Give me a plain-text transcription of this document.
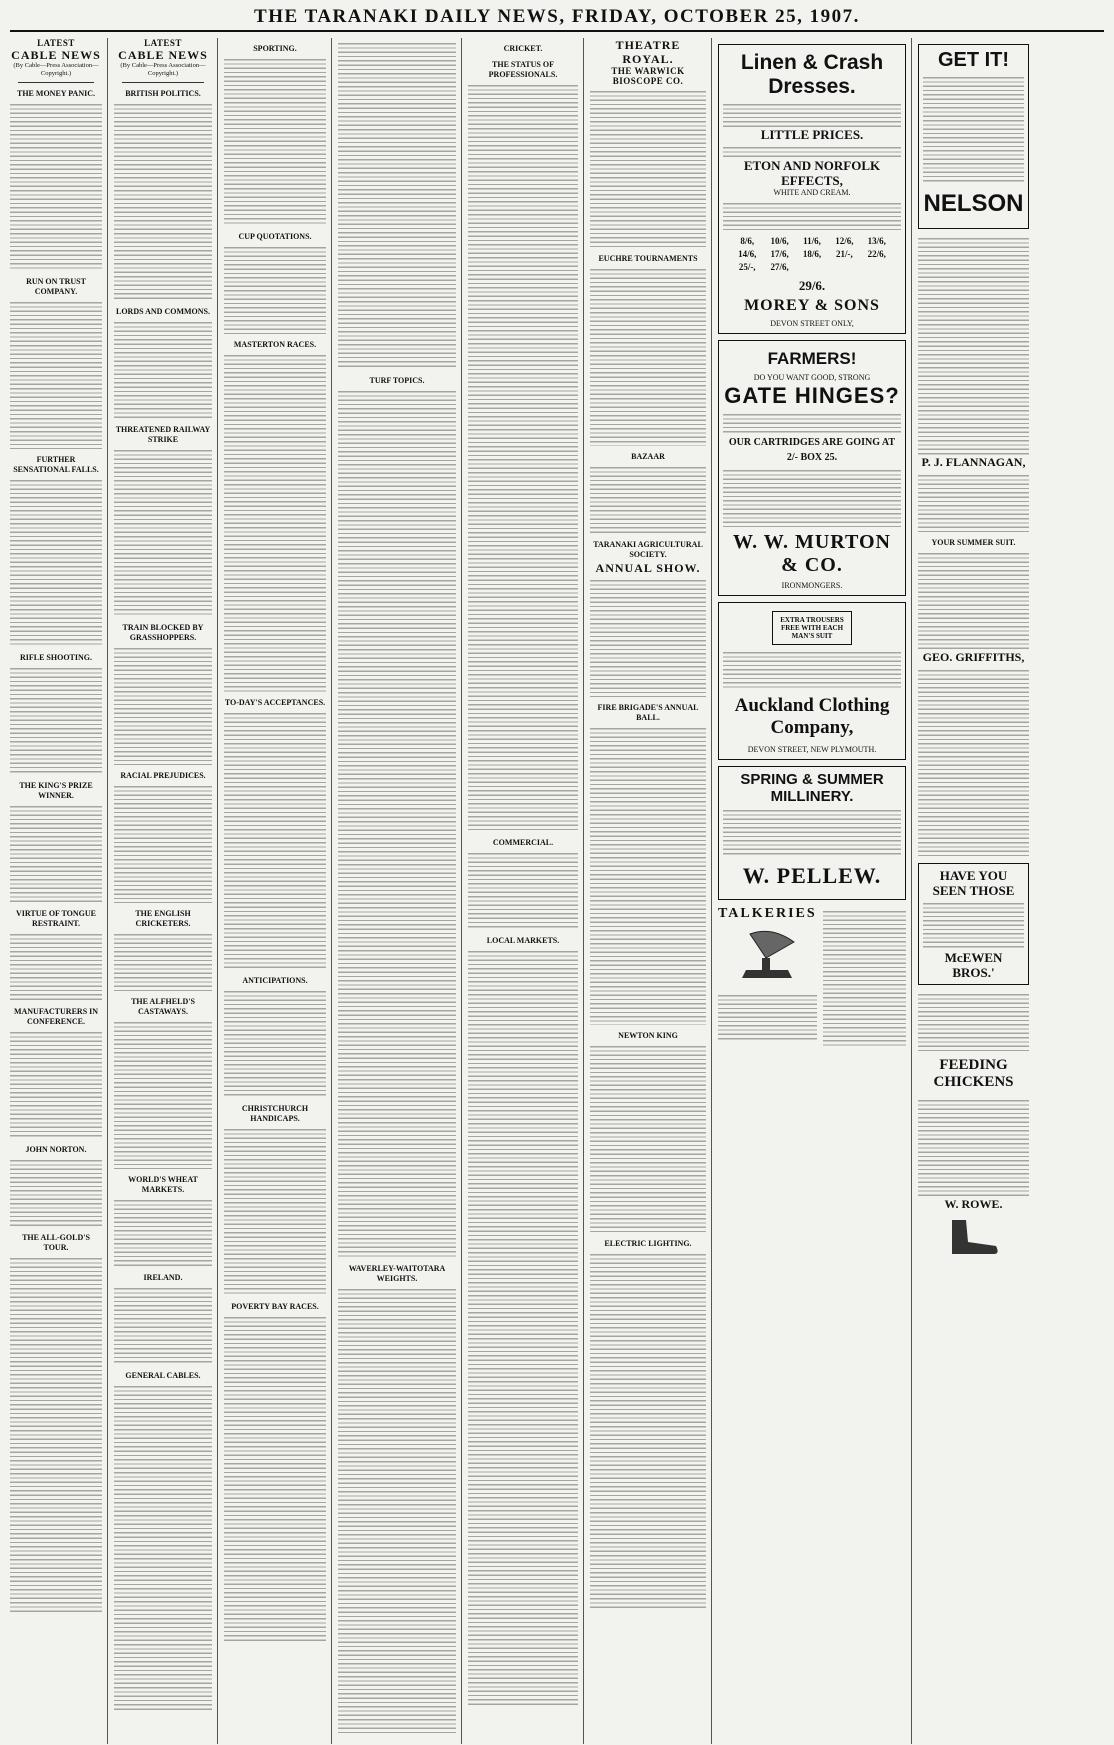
THE TARANAKI DAILY NEWS, FRIDAY, OCTOBER 25, 1907.
LATEST
CABLE NEWS
(By Cable—Press Association—Copyright.)
THE MONEY PANIC.
RUN ON TRUST COMPANY.
FURTHER SENSATIONAL FALLS.
RIFLE SHOOTING.
THE KING'S PRIZE WINNER.
VIRTUE OF TONGUE RESTRAINT.
MANUFACTURERS IN CONFERENCE.
JOHN NORTON.
THE ALL-GOLD'S TOUR.
LATEST
CABLE NEWS
(By Cable—Press Association—Copyright.)
BRITISH POLITICS.
LORDS AND COMMONS.
THREATENED RAILWAY STRIKE
TRAIN BLOCKED BY GRASSHOPPERS.
RACIAL PREJUDICES.
THE ENGLISH CRICKETERS.
THE ALFHELD'S CASTAWAYS.
WORLD'S WHEAT MARKETS.
IRELAND.
GENERAL CABLES.
SPORTING.
CUP QUOTATIONS.
MASTERTON RACES.
TO-DAY'S ACCEPTANCES.
ANTICIPATIONS.
CHRISTCHURCH HANDICAPS.
POVERTY BAY RACES.
TURF TOPICS.
WAVERLEY-WAITOTARA WEIGHTS.
CRICKET.
THE STATUS OF PROFESSIONALS.
COMMERCIAL.
LOCAL MARKETS.
THEATRE ROYAL.
THE WARWICK BIOSCOPE CO.
EUCHRE TOURNAMENTS
BAZAAR
TARANAKI AGRICULTURAL SOCIETY.
ANNUAL SHOW.
FIRE BRIGADE'S ANNUAL BALL.
NEWTON KING
ELECTRIC LIGHTING.
Linen & Crash Dresses.
LITTLE PRICES.
ETON AND NORFOLK EFFECTS,
WHITE AND CREAM.
8/6,	10/6,	11/6,	12/6,	13/6,
14/6,	17/6,	18/6,	21/-,	22/6,
25/-,	27/6,
29/6.
MOREY & SONS
DEVON STREET ONLY,
FARMERS!
DO YOU WANT GOOD, STRONG
GATE HINGES?
OUR CARTRIDGES ARE GOING AT 2/- BOX 25.
W. W. MURTON & CO.
IRONMONGERS.
EXTRA TROUSERS FREE WITH EACH MAN'S SUIT
Auckland Clothing Company,
DEVON STREET, NEW PLYMOUTH.
SPRING & SUMMER MILLINERY.
W. PELLEW.
TALKERIES
GET IT!
NELSON
P. J. FLANNAGAN,
YOUR SUMMER SUIT.
GEO. GRIFFITHS,
HAVE YOU SEEN THOSE
McEWEN BROS.'
FEEDING CHICKENS
W. ROWE.
